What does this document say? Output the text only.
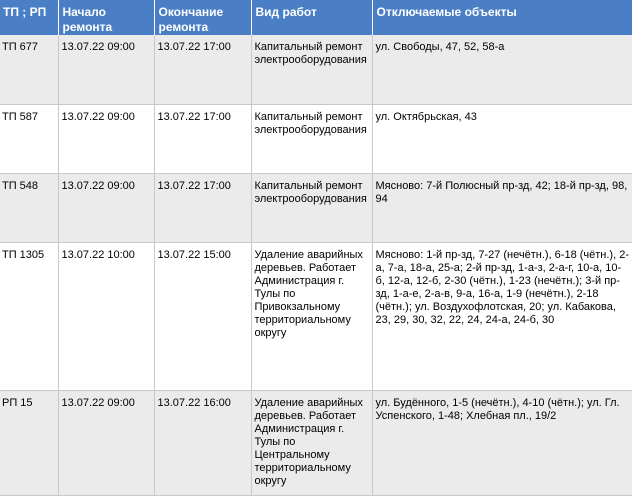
ТП ; РП	Начало ремонта	Окончание ремонта	Вид работ	Отключаемые объекты
ТП 677	13.07.22 09:00	13.07.22 17:00	Капитальный ремонт электрооборудования	ул. Свободы, 47, 52, 58-а
ТП 587	13.07.22 09:00	13.07.22 17:00	Капитальный ремонт электрооборудования	ул. Октябрьская, 43
ТП 548	13.07.22 09:00	13.07.22 17:00	Капитальный ремонт электрооборудования	Мясново: 7-й Полюсный пр-зд, 42; 18-й пр-зд, 98, 94
ТП 1305	13.07.22 10:00	13.07.22 15:00	Удаление аварийных деревьев. Работает Администрация г. Тулы по Привокзальному территориальному округу	Мясново: 1-й пр-зд, 7-27 (нечётн.), 6-18 (чётн.), 2-а, 7-а, 18-а, 25-а; 2-й пр-зд, 1-а-з, 2-а-г, 10-а, 10-б, 12-а, 12-б, 2-30 (чётн.), 1-23 (нечётн.); 3-й пр-зд, 1-а-е, 2-а-в, 9-а, 16-а, 1-9 (нечётн.), 2-18 (чётн.); ул. Воздухофлотская, 20; ул. Кабакова, 23, 29, 30, 32, 22, 24, 24-а, 24-б, 30
РП 15	13.07.22 09:00	13.07.22 16:00	Удаление аварийных деревьев. Работает Администрация г. Тулы по Центральному территориальному округу	ул. Будённого, 1-5 (нечётн.), 4-10 (чётн.); ул. Гл. Успенского, 1-48; Хлебная пл., 19/2
